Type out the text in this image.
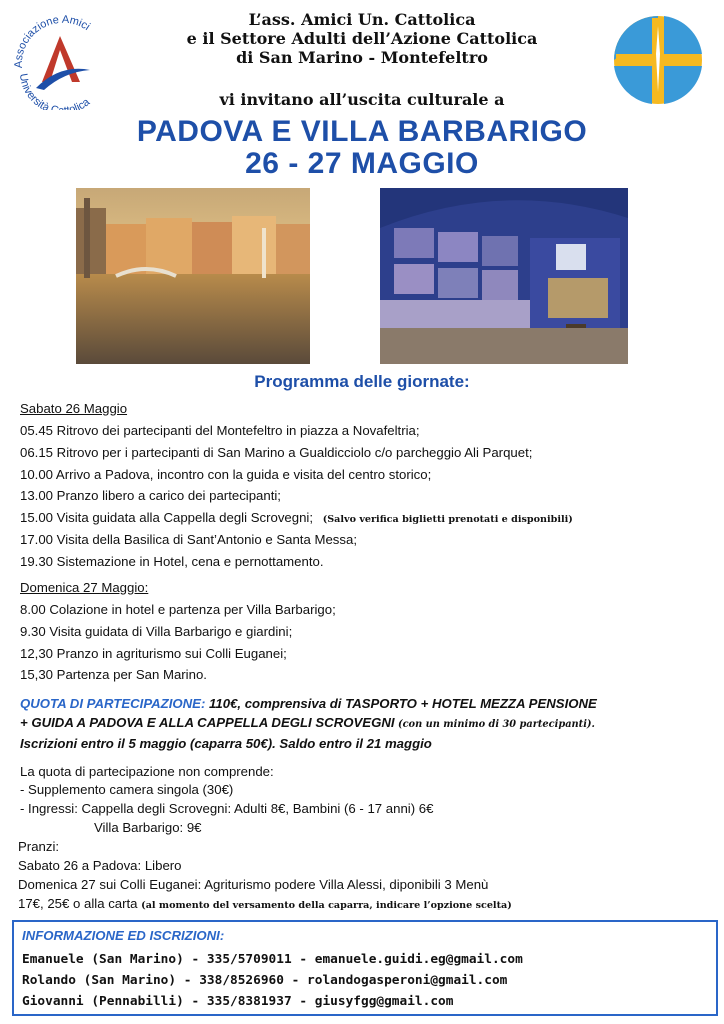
Associazione Amici
Università olica
L’ass. Amici Un. Cattolica
e il Settore Adulti dell’Azione Cattolica
di San Marino - Montefeltro
vi invitano all’uscita culturale a
PADOVA E VILLA BARBARIGO
26 - 27 MAGGIO
Programma delle giornate:
Sabato 26 Maggio
05.45 Ritrovo dei partecipanti del Montefeltro in piazza a Novafeltria;
06.15 Ritrovo per i partecipanti di San Marino a Gualdicciolo c/o parcheggio Ali Parquet;
10.00 Arrivo a Padova, incontro con la guida e visita del centro storico;
13.00 Pranzo libero a carico dei partecipanti;
15.00 Visita guidata alla Cappella degli Scrovegni; (Salvo verifica biglietti prenotati e disponibili)
17.00 Visita della Basilica di Sant’Antonio e Santa Messa;
19.30 Sistemazione in Hotel, cena e pernottamento.
Domenica 27 Maggio:
8.00 Colazione in hotel e partenza per Villa Barbarigo;
9.30 Visita guidata di Villa Barbarigo e giardini;
12,30 Pranzo in agriturismo sui Colli Euganei;
15,30 Partenza per San Marino.
QUOTA DI PARTECIPAZIONE: 110€, comprensiva di TASPORTO + HOTEL MEZZA PENSIONE
+ GUIDA A PADOVA E ALLA CAPPELLA DEGLI SCROVEGNI (con un minimo di 30 partecipanti).
Iscrizioni entro il 5 maggio (caparra 50€). Saldo entro il 21 maggio
La quota di partecipazione non comprende:
- Supplemento camera singola (30€)
- Ingressi: Cappella degli Scrovegni: Adulti 8€, Bambini (6 - 17 anni) 6€
Villa Barbarigo: 9€
Pranzi:
Sabato 26 a Padova: Libero
Domenica 27 sui Colli Euganei: Agriturismo podere Villa Alessi, diponibili 3 Menù
17€, 25€ o alla carta (al momento del versamento della caparra, indicare l’opzione scelta)
INFORMAZIONE ED ISCRIZIONI:
Emanuele (San Marino) - 335/5709011 - emanuele.guidi.eg@gmail.com
Rolando (San Marino) - 338/8526960 - rolandogasperoni@gmail.com
Giovanni (Pennabilli) - 335/8381937 - giusyfgg@gmail.com
